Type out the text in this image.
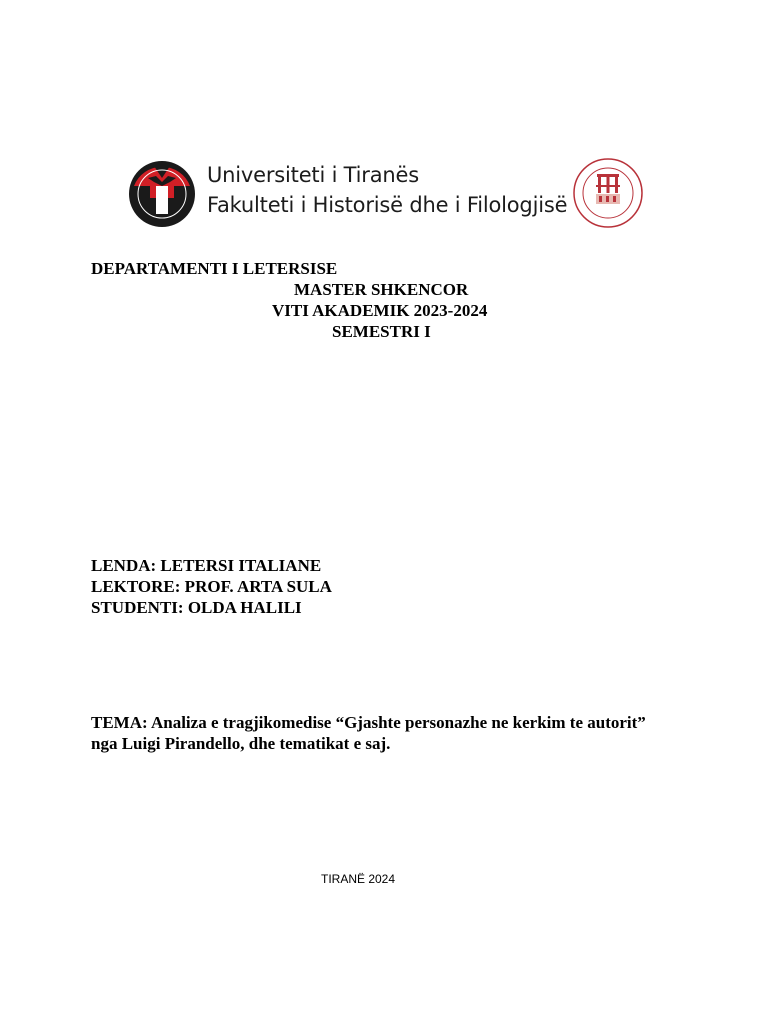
Universiteti i Tiranës
Fakulteti i Historisë dhe i Filologjisë
DEPARTAMENTI I LETERSISE
MASTER SHKENCOR
VITI AKADEMIK 2023-2024
SEMESTRI I
LENDA: LETERSI ITALIANE
LEKTORE: PROF. ARTA SULA
STUDENTI: OLDA HALILI
TEMA: Analiza e tragjikomedise “Gjashte personazhe ne kerkim te autorit”
nga Luigi Pirandello, dhe tematikat e saj.
TIRANË 2024
